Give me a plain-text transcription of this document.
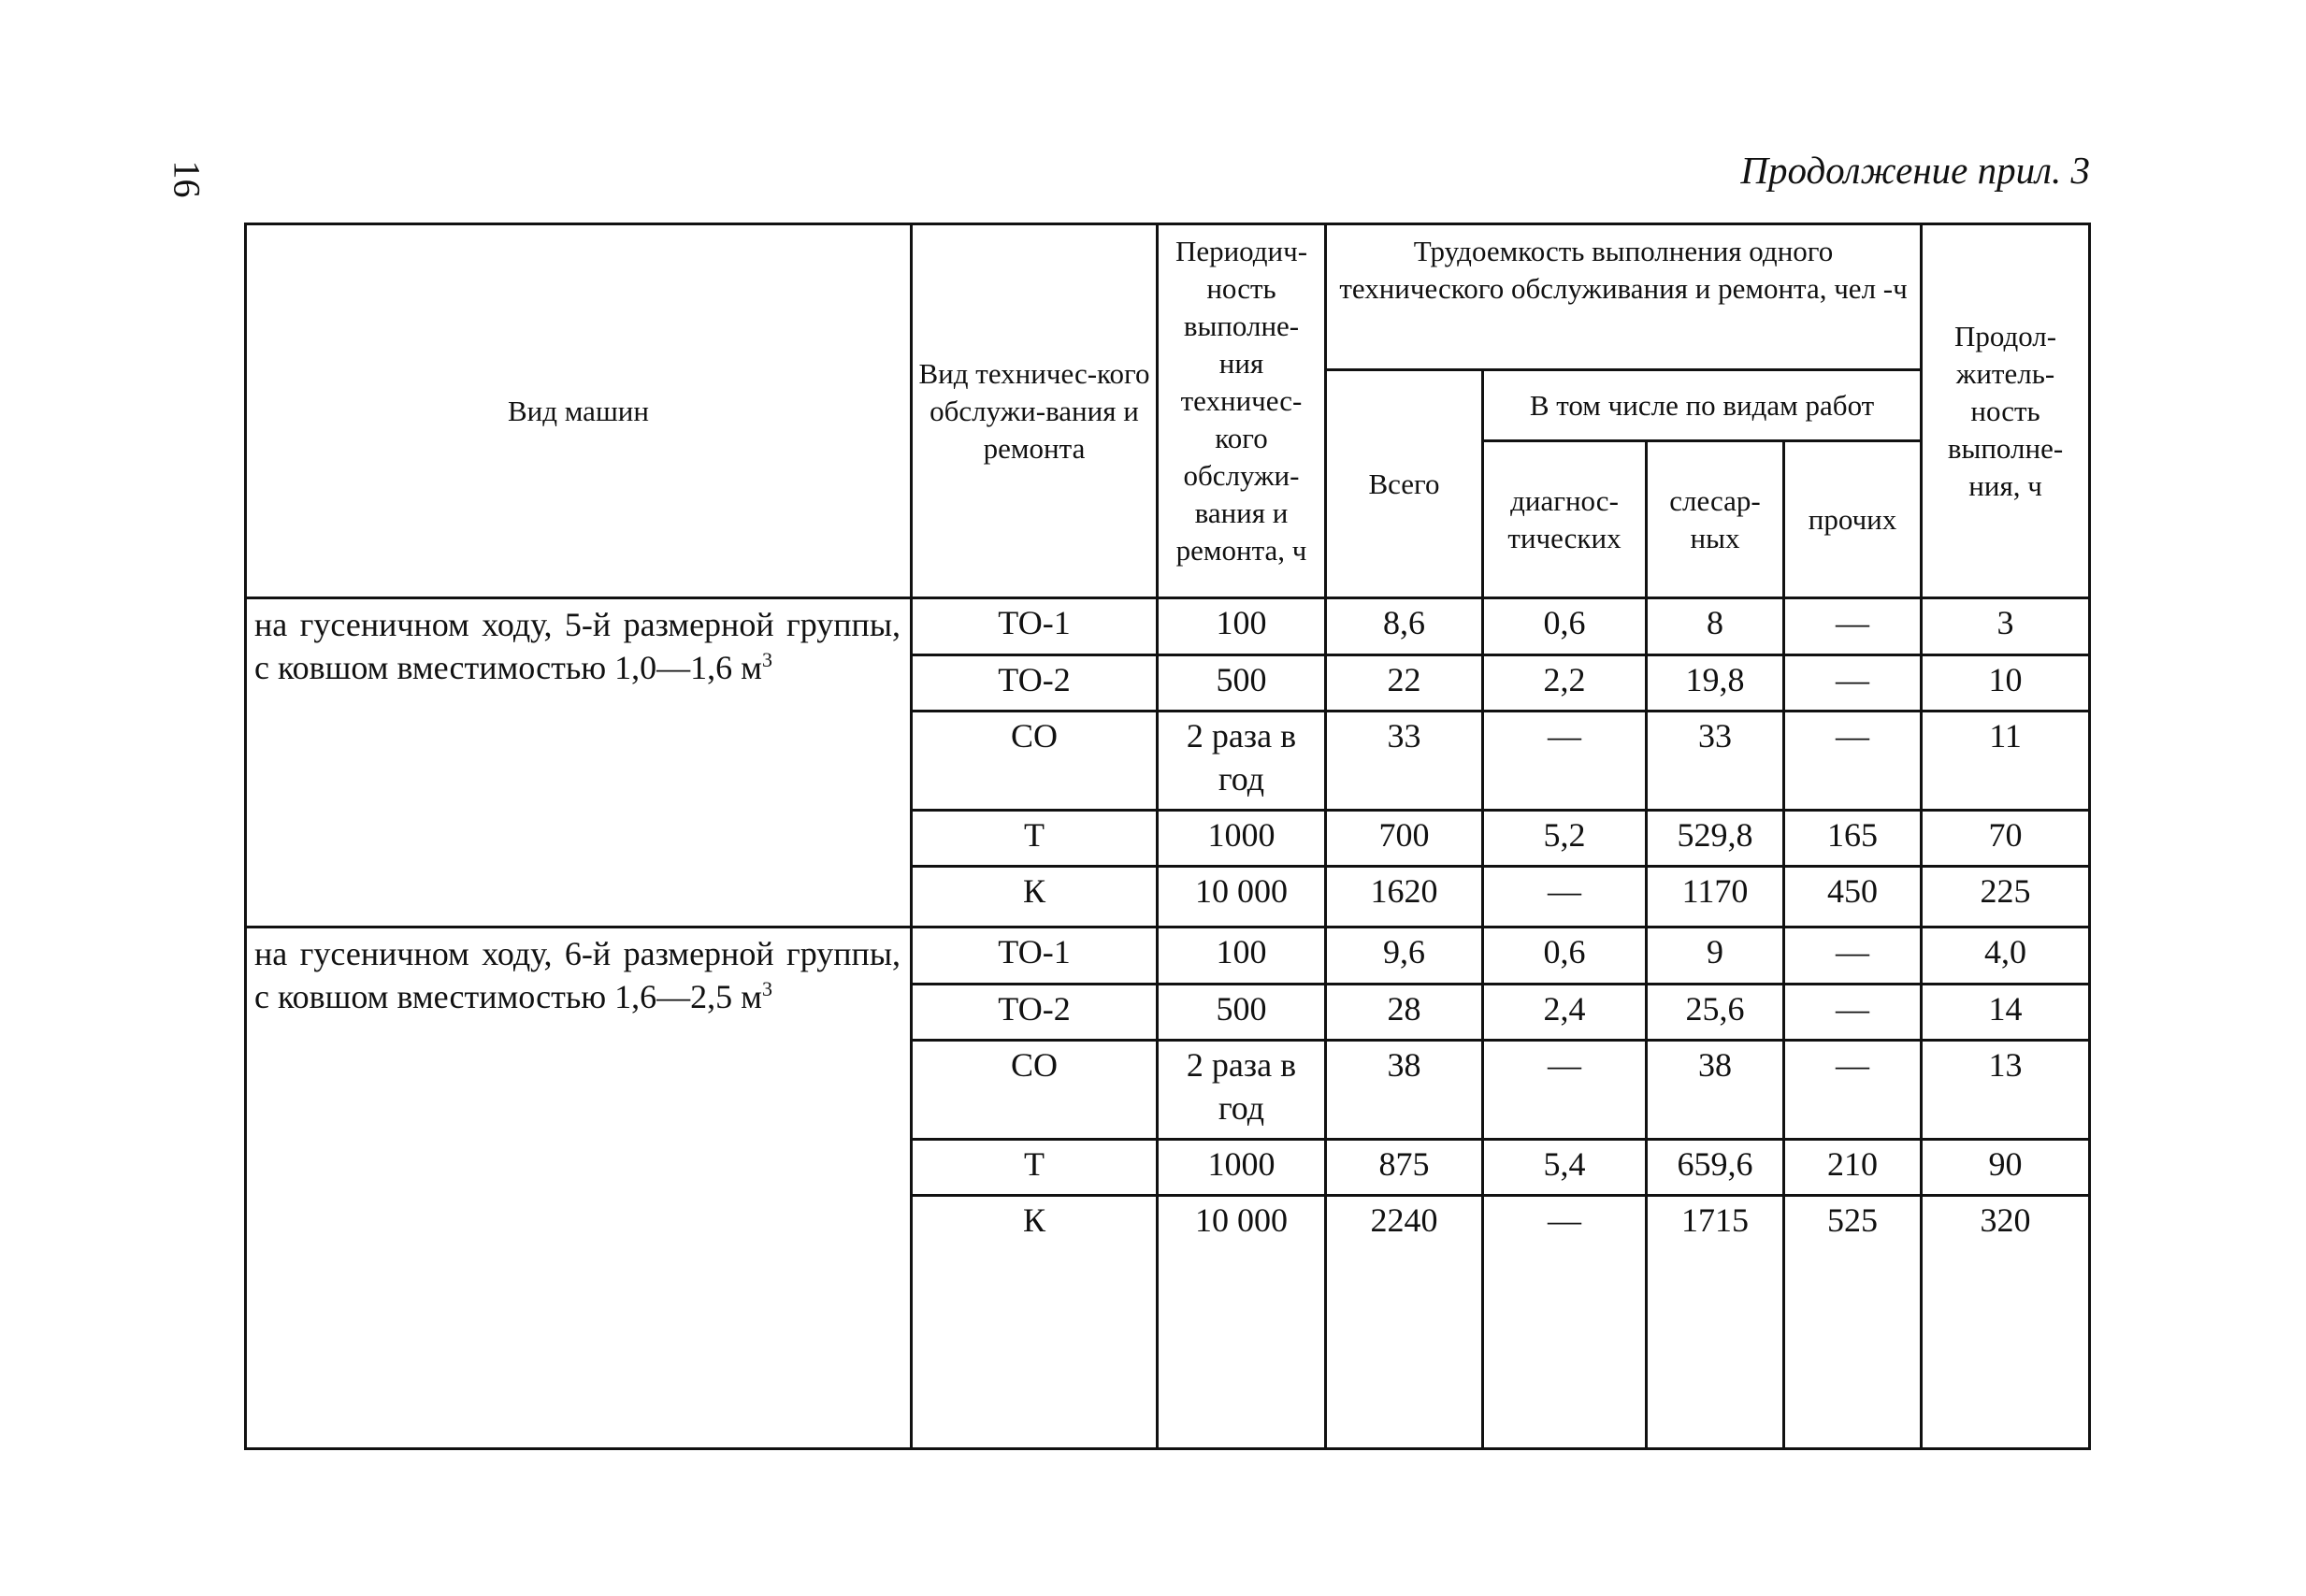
16	Продолжение прил. 3
Вид машин	Вид техничес-кого обслужи-вания и ремонта	Периодич-ность выполне-ния техничес-кого обслужи-вания и ремонта, ч	Трудоемкость выполнения одного технического обслуживания и ремонта, чел -ч				Продол-житель-ность выполне-ния, ч
			Всего	В том числе по видам работ			
				диагнос-тических	слесар-ных	прочих	
на гусеничном ходу, 5-й размерной группы, с ковшом вместимостью 1,0—1,6 $м^3$	ТО-1	100	8,6	0,6	8	—	3
	ТО-2	500	22	2,2	19,8	—	10
	СО	2 раза в год	33	—	33	—	11
	Т	1000	700	5,2	529,8	165	70
	К	10 000	1620	—	1170	450	225
на гусеничном ходу, 6-й размерной группы, с ковшом вместимостью 1,6—2,5 $м^3$	ТО-1	100	9,6	0,6	9	—	4,0
	ТО-2	500	28	2,4	25,6	—	14
	СО	2 раза в год	38	—	38	—	13
	Т	1000	875	5,4	659,6	210	90
	К	10 000	2240	—	1715	525	320
